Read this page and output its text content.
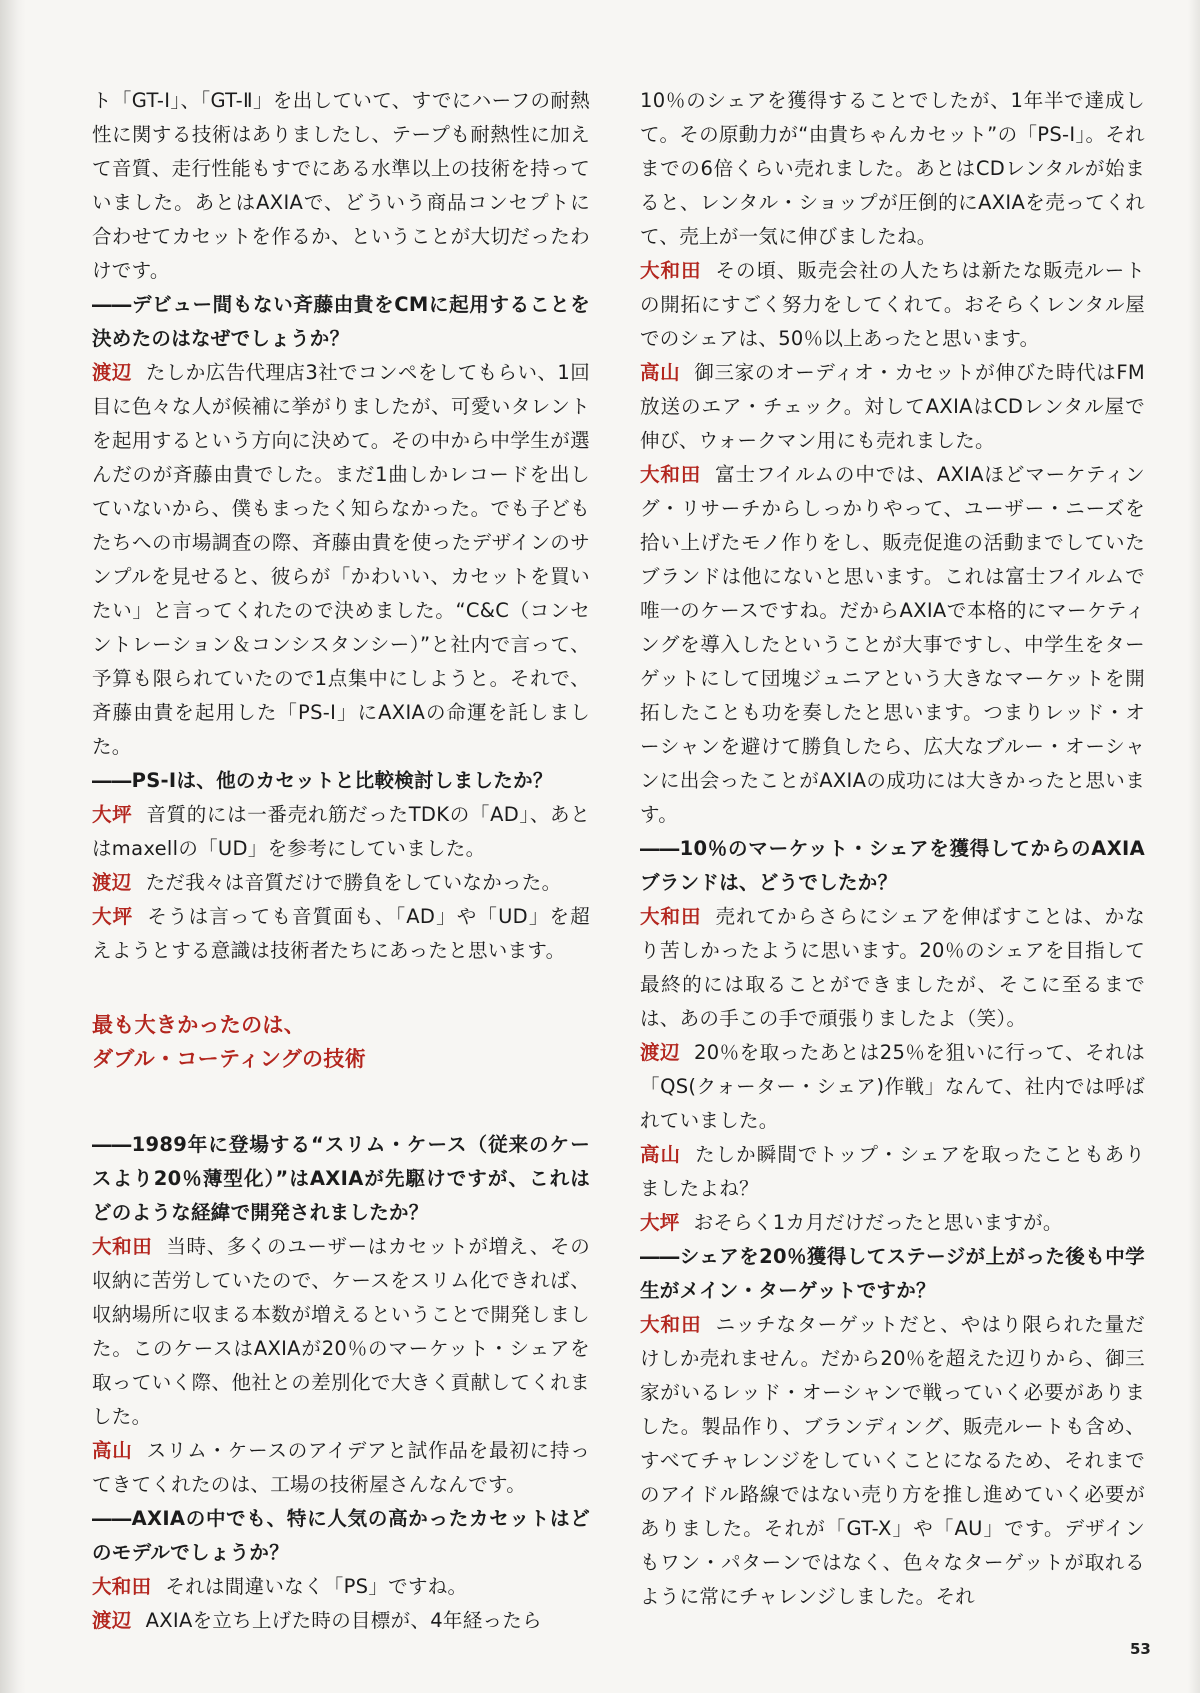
ト「GT-I」、「GT-Ⅱ」を出していて、すでにハーフの耐熱性に関する技術はありましたし、テープも耐熱性に加えて音質、走行性能もすでにある水準以上の技術を持っていました。あとはAXIAで、どういう商品コンセプトに合わせてカセットを作るか、ということが大切だったわけです。

――デビュー間もない斉藤由貴をCMに起用することを決めたのはなぜでしょうか？

渡辺 たしか広告代理店3社でコンペをしてもらい、1回目に色々な人が候補に挙がりましたが、可愛いタレントを起用するという方向に決めて。その中から中学生が選んだのが斉藤由貴でした。まだ1曲しかレコードを出していないから、僕もまったく知らなかった。でも子どもたちへの市場調査の際、斉藤由貴を使ったデザインのサンプルを見せると、彼らが「かわいい、カセットを買いたい」と言ってくれたので決めました。“C&C（コンセントレーション＆コンシスタンシー）”と社内で言って、予算も限られていたので1点集中にしようと。それで、斉藤由貴を起用した「PS-I」にAXIAの命運を託しました。

――PS-Iは、他のカセットと比較検討しましたか？

大坪 音質的には一番売れ筋だったTDKの「AD」、あとはmaxellの「UD」を参考にしていました。

渡辺 ただ我々は音質だけで勝負をしていなかった。

大坪 そうは言っても音質面も、「AD」や「UD」を超えようとする意識は技術者たちにあったと思います。

最も大きかったのは、
ダブル・コーティングの技術

――1989年に登場する“スリム・ケース（従来のケースより20％薄型化）”はAXIAが先駆けですが、これはどのような経緯で開発されましたか？

大和田 当時、多くのユーザーはカセットが増え、その収納に苦労していたので、ケースをスリム化できれば、収納場所に収まる本数が増えるということで開発しました。このケースはAXIAが20％のマーケット・シェアを取っていく際、他社との差別化で大きく貢献してくれました。

高山 スリム・ケースのアイデアと試作品を最初に持ってきてくれたのは、工場の技術屋さんなんです。

――AXIAの中でも、特に人気の高かったカセットはどのモデルでしょうか？

大和田 それは間違いなく「PS」ですね。

渡辺 AXIAを立ち上げた時の目標が、4年経ったら

10％のシェアを獲得することでしたが、1年半で達成して。その原動力が“由貴ちゃんカセット”の「PS-I」。それまでの6倍くらい売れました。あとはCDレンタルが始まると、レンタル・ショップが圧倒的にAXIAを売ってくれて、売上が一気に伸びましたね。

大和田 その頃、販売会社の人たちは新たな販売ルートの開拓にすごく努力をしてくれて。おそらくレンタル屋でのシェアは、50％以上あったと思います。

高山 御三家のオーディオ・カセットが伸びた時代はFM放送のエア・チェック。対してAXIAはCDレンタル屋で伸び、ウォークマン用にも売れました。

大和田 富士フイルムの中では、AXIAほどマーケティング・リサーチからしっかりやって、ユーザー・ニーズを拾い上げたモノ作りをし、販売促進の活動までしていたブランドは他にないと思います。これは富士フイルムで唯一のケースですね。だからAXIAで本格的にマーケティングを導入したということが大事ですし、中学生をターゲットにして団塊ジュニアという大きなマーケットを開拓したことも功を奏したと思います。つまりレッド・オーシャンを避けて勝負したら、広大なブルー・オーシャンに出会ったことがAXIAの成功には大きかったと思います。

――10％のマーケット・シェアを獲得してからのAXIAブランドは、どうでしたか？

大和田 売れてからさらにシェアを伸ばすことは、かなり苦しかったように思います。20％のシェアを目指して最終的には取ることができましたが、そこに至るまでは、あの手この手で頑張りましたよ（笑）。

渡辺 20％を取ったあとは25％を狙いに行って、それは「QS(クォーター・シェア)作戦」なんて、社内では呼ばれていました。

高山 たしか瞬間でトップ・シェアを取ったこともありましたよね？

大坪 おそらく1カ月だけだったと思いますが。

――シェアを20％獲得してステージが上がった後も中学生がメイン・ターゲットですか？

大和田 ニッチなターゲットだと、やはり限られた量だけしか売れません。だから20％を超えた辺りから、御三家がいるレッド・オーシャンで戦っていく必要がありました。製品作り、ブランディング、販売ルートも含め、すべてチャレンジをしていくことになるため、それまでのアイドル路線ではない売り方を推し進めていく必要がありました。それが「GT-X」や「AU」です。デザインもワン・パターンではなく、色々なターゲットが取れるように常にチャレンジしました。それ

53
